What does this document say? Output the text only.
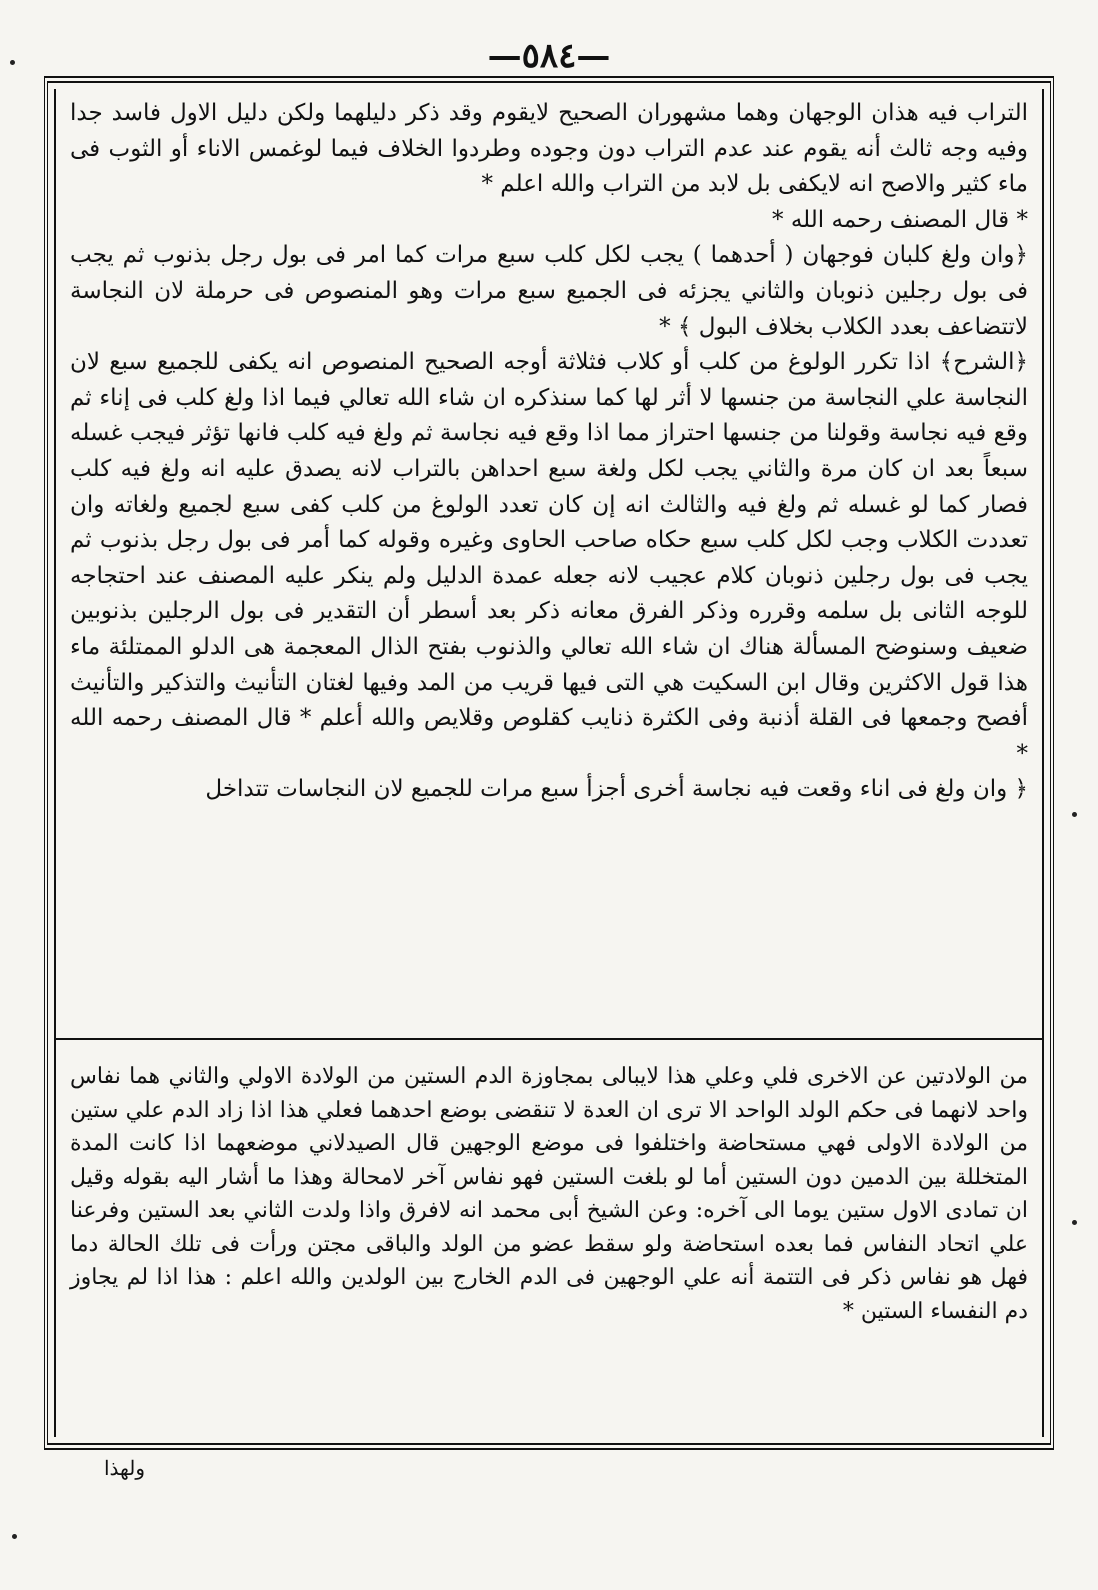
—٥٨٤—

التراب فيه هذان الوجهان وهما مشهوران الصحيح لايقوم وقد ذكر دليلهما ولكن دليل الاول فاسد جدا وفيه وجه ثالث أنه يقوم عند عدم التراب دون وجوده وطردوا الخلاف فيما لوغمس الاناء أو الثوب فى ماء كثير والاصح انه لايكفى بل لابد من التراب والله اعلم *

* قال المصنف رحمه الله *

﴿وان ولغ كلبان فوجهان ( أحدهما ) يجب لكل كلب سبع مرات كما امر فى بول رجل بذنوب ثم يجب فى بول رجلين ذنوبان والثاني يجزئه فى الجميع سبع مرات وهو المنصوص فى حرملة لان النجاسة لاتتضاعف بعدد الكلاب بخلاف البول ﴾ *

﴿الشرح﴾ اذا تكرر الولوغ من كلب أو كلاب فثلاثة أوجه الصحيح المنصوص انه يكفى للجميع سبع لان النجاسة علي النجاسة من جنسها لا أثر لها كما سنذكره ان شاء الله تعالي فيما اذا ولغ كلب فى إناء ثم وقع فيه نجاسة وقولنا من جنسها احتراز مما اذا وقع فيه نجاسة ثم ولغ فيه كلب فانها تؤثر فيجب غسله سبعاً بعد ان كان مرة والثاني يجب لكل ولغة سبع احداهن بالتراب لانه يصدق عليه انه ولغ فيه كلب فصار كما لو غسله ثم ولغ فيه والثالث انه إن كان تعدد الولوغ من كلب كفى سبع لجميع ولغاته وان تعددت الكلاب وجب لكل كلب سبع حكاه صاحب الحاوى وغيره وقوله كما أمر فى بول رجل بذنوب ثم يجب فى بول رجلين ذنوبان كلام عجيب لانه جعله عمدة الدليل ولم ينكر عليه المصنف عند احتجاجه للوجه الثانى بل سلمه وقرره وذكر الفرق معانه ذكر بعد أسطر أن التقدير فى بول الرجلين بذنوبين ضعيف وسنوضح المسألة هناك ان شاء الله تعالي والذنوب بفتح الذال المعجمة هى الدلو الممتلئة ماء هذا قول الاكثرين وقال ابن السكيت هي التى فيها قريب من المد وفيها لغتان التأنيث والتذكير والتأنيث أفصح وجمعها فى القلة أذنبة وفى الكثرة ذنايب كقلوص وقلايص والله أعلم * قال المصنف رحمه الله *

﴿ وان ولغ فى اناء وقعت فيه نجاسة أخرى أجزأ سبع مرات للجميع لان النجاسات تتداخل

من الولادتين عن الاخرى فلي وعلي هذا لايبالى بمجاوزة الدم الستين من الولادة الاولي والثاني هما نفاس واحد لانهما فى حكم الولد الواحد الا ترى ان العدة لا تنقضى بوضع احدهما فعلي هذا اذا زاد الدم علي ستين من الولادة الاولى فهي مستحاضة واختلفوا فى موضع الوجهين قال الصيدلاني موضعهما اذا كانت المدة المتخللة بين الدمين دون الستين أما لو بلغت الستين فهو نفاس آخر لامحالة وهذا ما أشار اليه بقوله وقيل ان تمادى الاول ستين يوما الى آخره: وعن الشيخ أبى محمد انه لافرق واذا ولدت الثاني بعد الستين وفرعنا علي اتحاد النفاس فما بعده استحاضة ولو سقط عضو من الولد والباقى مجتن ورأت فى تلك الحالة دما فهل هو نفاس ذكر فى التتمة أنه علي الوجهين فى الدم الخارج بين الولدين والله اعلم : هذا اذا لم يجاوز دم النفساء الستين *

ولهذا
